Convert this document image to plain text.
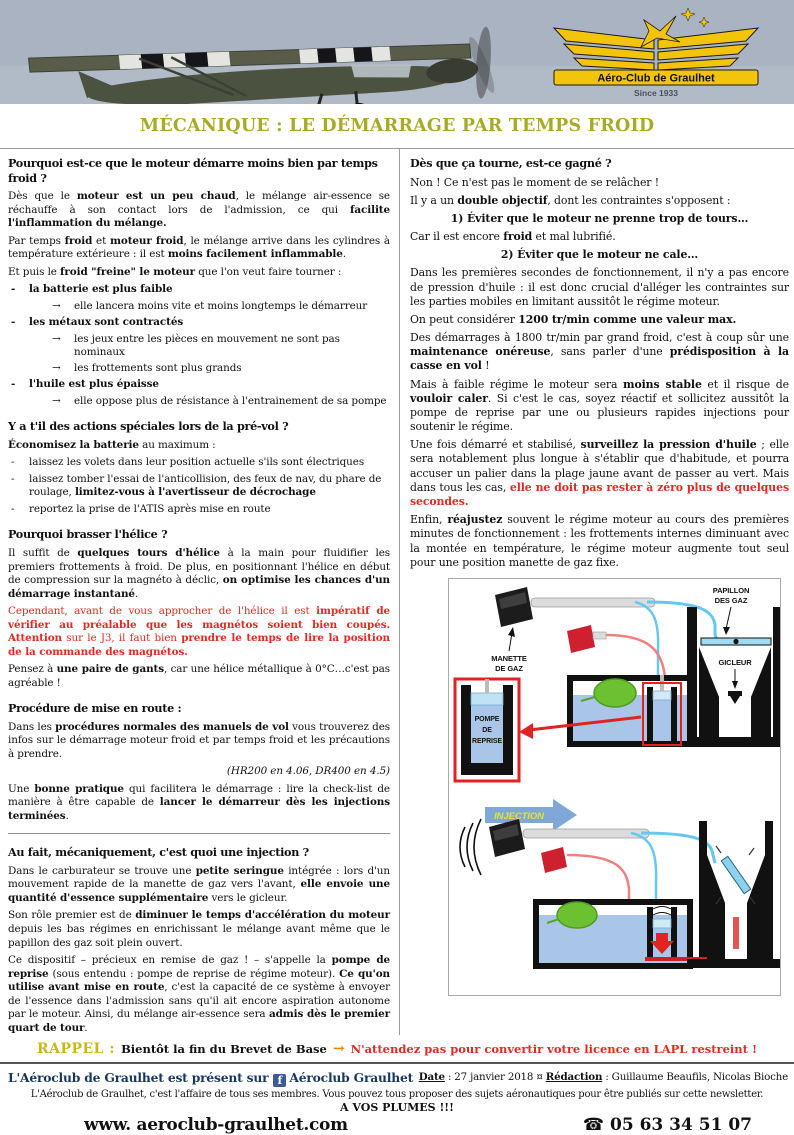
Aéro-Club de Graulhet
Since 1933
MÉCANIQUE : LE DÉMARRAGE PAR TEMPS FROID
Pourquoi est-ce que le moteur démarre moins bien par temps froid ?
Dès que le moteur est un peu chaud, le mélange air-essence se réchauffe à son contact lors de l'admission, ce qui facilite l'inflammation du mélange.
Par temps froid et moteur froid, le mélange arrive dans les cylindres à température extérieure : il est moins facilement inflammable.
Et puis le froid "freine" le moteur que l'on veut faire tourner :
-	la batterie est plus faible
→	elle lancera moins vite et moins longtemps le démarreur
-	les métaux sont contractés
→	les jeux entre les pièces en mouvement ne sont pas nominaux
→	les frottements sont plus grands
-	l'huile est plus épaisse
→	elle oppose plus de résistance à l'entrainement de sa pompe
Y a t'il des actions spéciales lors de la pré-vol ?
Économisez la batterie au maximum :
-	laissez les volets dans leur position actuelle s'ils sont électriques
-	laissez tomber l'essai de l'anticollision, des feux de nav, du phare de roulage, limitez-vous à l'avertisseur de décrochage
-	reportez la prise de l'ATIS après mise en route
Pourquoi brasser l'hélice ?
Il suffit de quelques tours d'hélice à la main pour fluidifier les premiers frottements à froid. De plus, en positionnant l'hélice en début de compression sur la magnéto à déclic, on optimise les chances d'un démarrage instantané.
Cependant, avant de vous approcher de l'hélice il est impératif de vérifier au préalable que les magnétos soient bien coupés. Attention sur le J3, il faut bien prendre le temps de lire la position de la commande des magnétos.
Pensez à une paire de gants, car une hélice métallique à 0°C…c'est pas agréable !
Procédure de mise en route :
Dans les procédures normales des manuels de vol vous trouverez des infos sur le démarrage moteur froid et par temps froid et les précautions à prendre.
(HR200 en 4.06, DR400 en 4.5)
Une bonne pratique qui facilitera le démarrage : lire la check-list de manière à être capable de lancer le démarreur dès les injections terminées.
Au fait, mécaniquement, c'est quoi une injection ?
Dans le carburateur se trouve une petite seringue intégrée : lors d'un mouvement rapide de la manette de gaz vers l'avant, elle envoie une quantité d'essence supplémentaire vers le gicleur.
Son rôle premier est de diminuer le temps d'accélération du moteur depuis les bas régimes en enrichissant le mélange avant même que le papillon des gaz soit plein ouvert.
Ce dispositif – précieux en remise de gaz ! – s'appelle la pompe de reprise (sous entendu : pompe de reprise de régime moteur). Ce qu'on utilise avant mise en route, c'est la capacité de ce système à envoyer de l'essence dans l'admission sans qu'il ait encore aspiration autonome par le moteur. Ainsi, du mélange air-essence sera admis dès le premier quart de tour.
Dès que ça tourne, est-ce gagné ?
Non ! Ce n'est pas le moment de se relâcher !
Il y a un double objectif, dont les contraintes s'opposent :
1) Éviter que le moteur ne prenne trop de tours…
Car il est encore froid et mal lubrifié.
2) Éviter que le moteur ne cale…
Dans les premières secondes de fonctionnement, il n'y a pas encore de pression d'huile : il est donc crucial d'alléger les contraintes sur les parties mobiles en limitant aussitôt le régime moteur.
On peut considérer 1200 tr/min comme une valeur max.
Des démarrages à 1800 tr/min par grand froid, c'est à coup sûr une maintenance onéreuse, sans parler d'une prédisposition à la casse en vol !
Mais à faible régime le moteur sera moins stable et il risque de vouloir caler. Si c'est le cas, soyez réactif et sollicitez aussitôt la pompe de reprise par une ou plusieurs rapides injections pour soutenir le régime.
Une fois démarré et stabilisé, surveillez la pression d'huile ; elle sera notablement plus longue à s'établir que d'habitude, et pourra accuser un palier dans la plage jaune avant de passer au vert. Mais dans tous les cas, elle ne doit pas rester à zéro plus de quelques secondes.
Enfin, réajustez souvent le régime moteur au cours des premières minutes de fonctionnement : les frottements internes diminuant avec la montée en température, le régime moteur augmente tout seul pour une position manette de gaz fixe.
PAPILLON
DES GAZ
MANETTE
DE GAZ
GICLEUR
POMPE
DE
REPRISE

INJECTION
RAPPEL : Bientôt la fin du Brevet de Base → N'attendez pas pour convertir votre licence en LAPL restreint !
L'Aéroclub de Graulhet est présent sur f Aéroclub Graulhet Date : 27 janvier 2018 ¤ Rédaction : Guillaume Beaufils, Nicolas Bioche
L'Aéroclub de Graulhet, c'est l'affaire de tous ses membres. Vous pouvez tous proposer des sujets aéronautiques pour être publiés sur cette newsletter.
A VOS PLUMES !!!
www. aeroclub-graulhet.com	☎ 05 63 34 51 07
